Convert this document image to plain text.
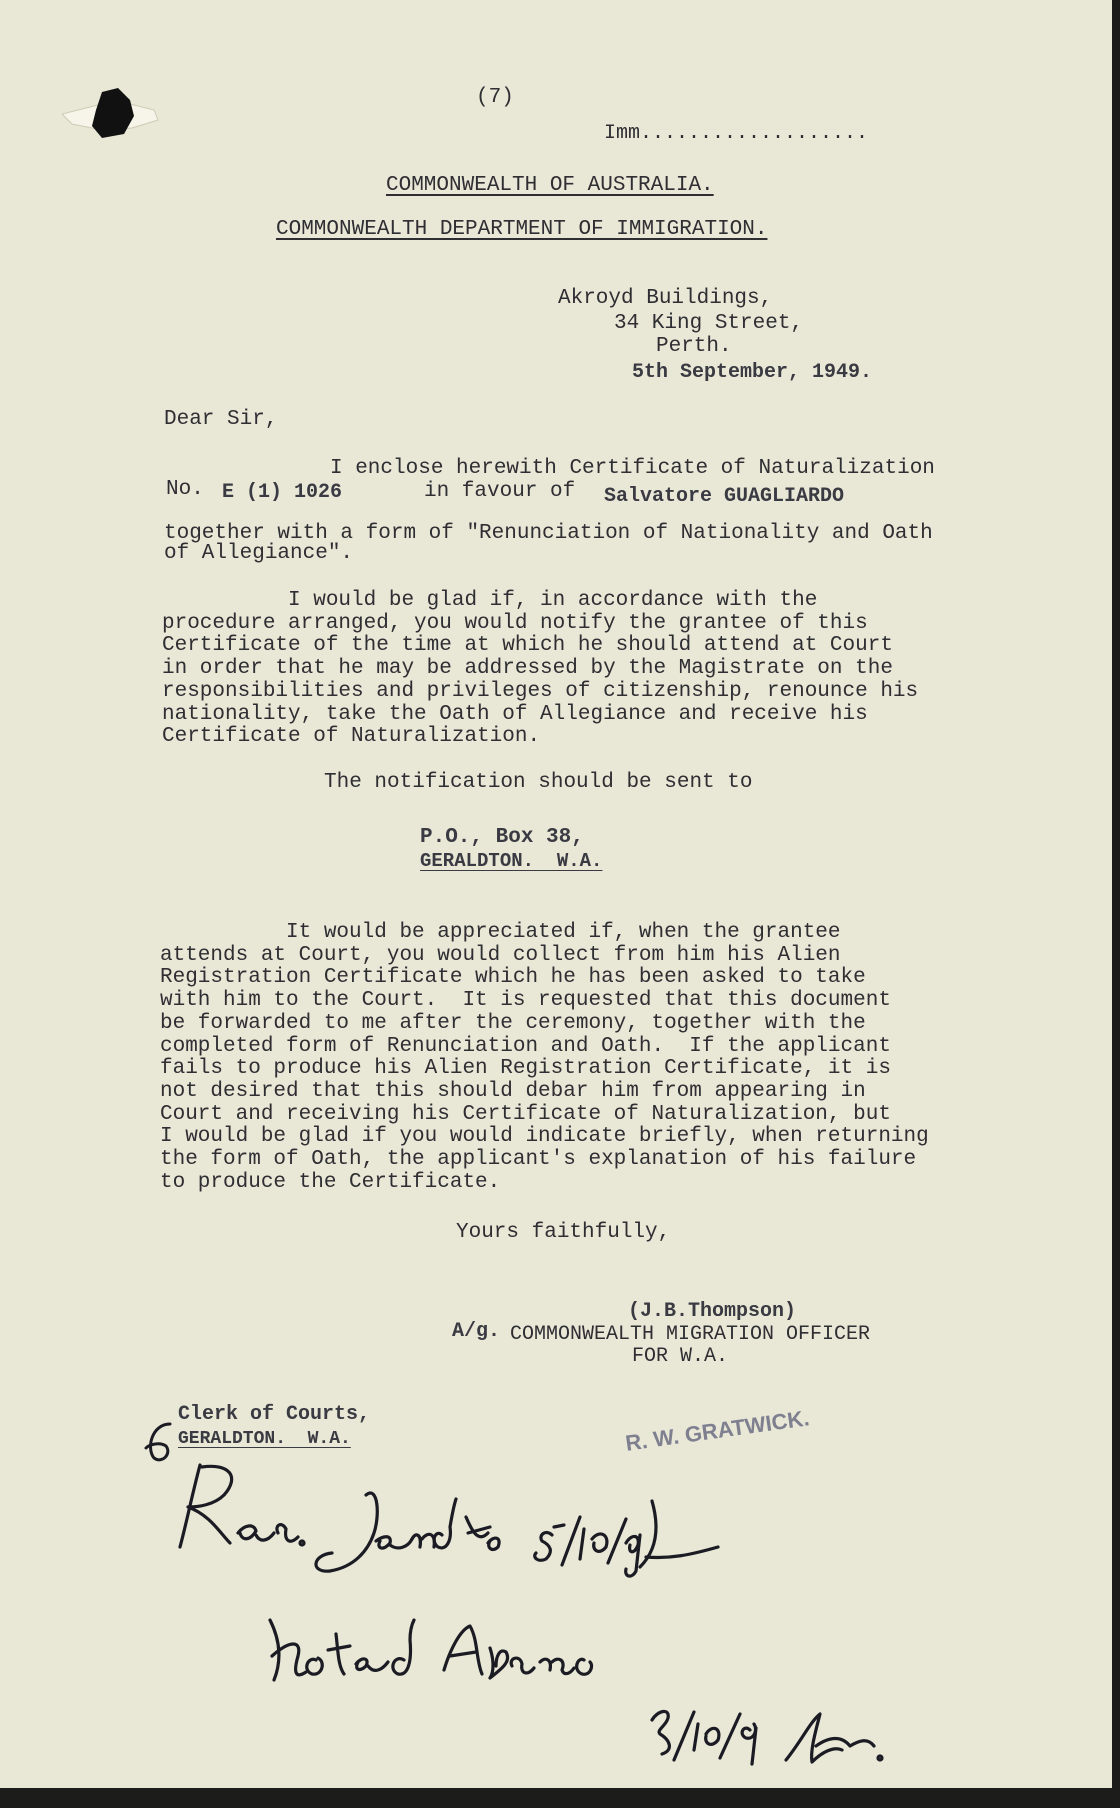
(7)
Imm...................
COMMONWEALTH OF AUSTRALIA.
COMMONWEALTH DEPARTMENT OF IMMIGRATION.
Akroyd Buildings,
34 King Street,
Perth.
5th September, 1949.
Dear Sir,
I enclose herewith Certificate of Naturalization
No. E (1) 1026	in favour of Salvatore GUAGLIARDO
together with a form of "Renunciation of Nationality and Oath
of Allegiance".
I would be glad if, in accordance with the
procedure arranged, you would notify the grantee of this
Certificate of the time at which he should attend at Court
in order that he may be addressed by the Magistrate on the
responsibilities and privileges of citizenship, renounce his
nationality, take the Oath of Allegiance and receive his
Certificate of Naturalization.
The notification should be sent to
P.O., Box 38,
GERALDTON.  W.A.
It would be appreciated if, when the grantee
attends at Court, you would collect from him his Alien
Registration Certificate which he has been asked to take
with him to the Court.  It is requested that this document
be forwarded to me after the ceremony, together with the
completed form of Renunciation and Oath.  If the applicant
fails to produce his Alien Registration Certificate, it is
not desired that this should debar him from appearing in
Court and receiving his Certificate of Naturalization, but
I would be glad if you would indicate briefly, when returning
the form of Oath, the applicant's explanation of his failure
to produce the Certificate.
Yours faithfully,
(J.B.Thompson)
A/g. COMMONWEALTH MIGRATION OFFICER
FOR W.A.
Clerk of Courts,
GERALDTON.  W.A.	R. W. GRATWICK.
